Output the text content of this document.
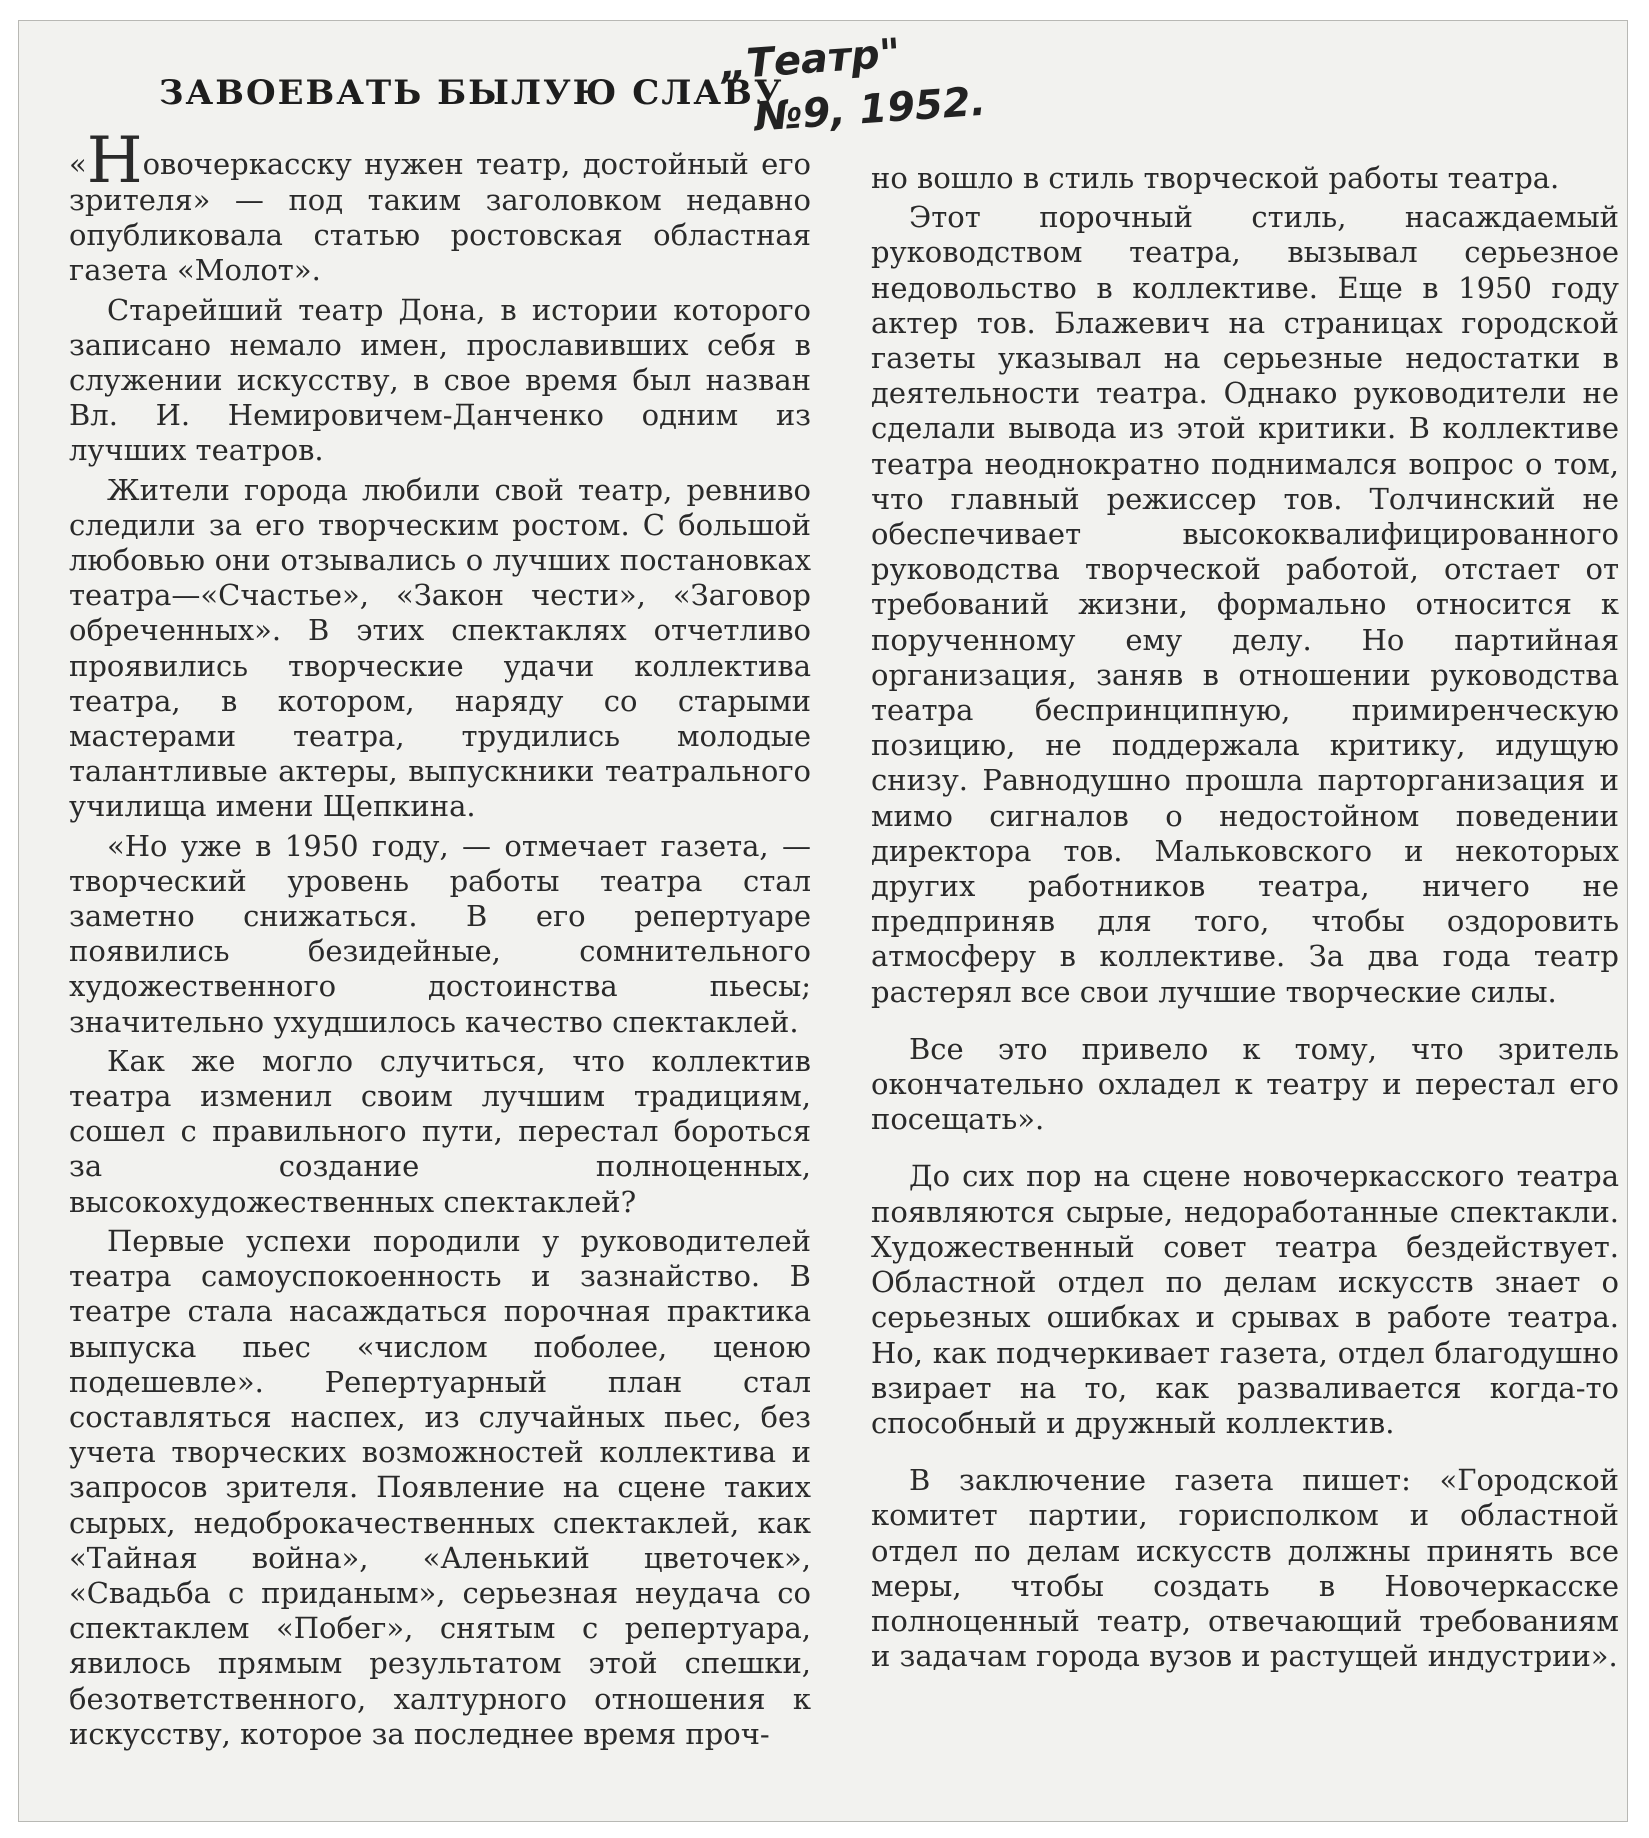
ЗАВОЕВАТЬ БЫЛУЮ СЛАВУ
„Театр"
№9, 1952.

«Новочеркасску нужен театр, достойный его зрителя» — под таким заголовком недавно опубликовала статью ростовская областная газета «Молот».

Старейший театр Дона, в истории которого записано немало имен, прославивших себя в служении искусству, в свое время был назван Вл. И. Немировичем-Данченко одним из лучших театров.

Жители города любили свой театр, ревниво следили за его творческим ростом. С большой любовью они отзывались о лучших постановках театра—«Счастье», «Закон чести», «Заговор обреченных». В этих спектаклях отчетливо проявились творческие удачи коллектива театра, в котором, наряду со старыми мастерами театра, трудились молодые талантливые актеры, выпускники театрального училища имени Щепкина.

«Но уже в 1950 году, — отмечает газета, — творческий уровень работы театра стал заметно снижаться. В его репертуаре появились безидейные, сомнительного художественного достоинства пьесы; значительно ухудшилось качество спектаклей.

Как же могло случиться, что коллектив театра изменил своим лучшим традициям, сошел с правильного пути, перестал бороться за создание полноценных, высокохудожественных спектаклей?

Первые успехи породили у руководителей театра самоуспокоенность и зазнайство. В театре стала насаждаться порочная практика выпуска пьес «числом поболее, ценою подешевле». Репертуарный план стал составляться наспех, из случайных пьес, без учета творческих возможностей коллектива и запросов зрителя. Появление на сцене таких сырых, недоброкачественных спектаклей, как «Тайная война», «Аленький цветочек», «Свадьба с приданым», серьезная неудача со спектаклем «Побег», снятым с репертуара, явилось прямым результатом этой спешки, безответственного, халтурного отношения к искусству, которое за последнее время проч-

но вошло в стиль творческой работы театра.

Этот порочный стиль, насаждаемый руководством театра, вызывал серьезное недовольство в коллективе. Еще в 1950 году актер тов. Блажевич на страницах городской газеты указывал на серьезные недостатки в деятельности театра. Однако руководители не сделали вывода из этой критики. В коллективе театра неоднократно поднимался вопрос о том, что главный режиссер тов. Толчинский не обеспечивает высококвалифицированного руководства творческой работой, отстает от требований жизни, формально относится к порученному ему делу. Но партийная организация, заняв в отношении руководства театра беспринципную, примиренческую позицию, не поддержала критику, идущую снизу. Равнодушно прошла парторганизация и мимо сигналов о недостойном поведении директора тов. Мальковского и некоторых других работников театра, ничего не предприняв для того, чтобы оздоровить атмосферу в коллективе. За два года театр растерял все свои лучшие творческие силы.

Все это привело к тому, что зритель окончательно охладел к театру и перестал его посещать».

До сих пор на сцене новочеркасского театра появляются сырые, недоработанные спектакли. Художественный совет театра бездействует. Областной отдел по делам искусств знает о серьезных ошибках и срывах в работе театра. Но, как подчеркивает газета, отдел благодушно взирает на то, как разваливается когда-то способный и дружный коллектив.

В заключение газета пишет: «Городской комитет партии, горисполком и областной отдел по делам искусств должны принять все меры, чтобы создать в Новочеркасске полноценный театр, отвечающий требованиям и задачам города вузов и растущей индустрии».
